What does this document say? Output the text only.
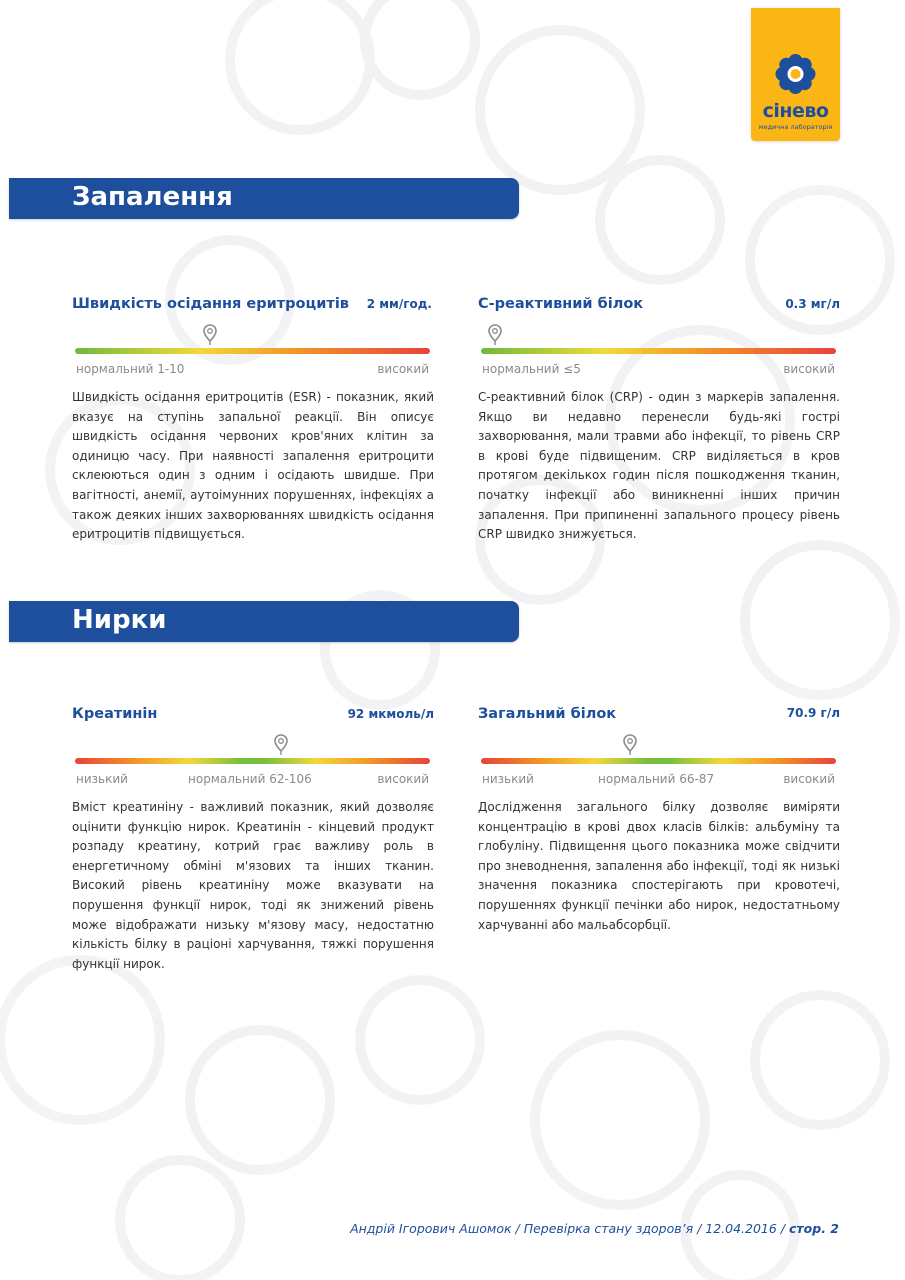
сінево
медична лабораторія
Запалення
Швидкість осідання еритроцитів 2 мм/год.
нормальний 1-10	високий

Швидкість осідання еритроцитів (ESR) - показник, який вказує на ступінь запальної реакції. Він описує швидкість осідання червоних кров'яних клітин за одиницю часу. При наявності запалення еритроцити склеюються один з одним і осідають швидше. При вагітності, анемії, аутоімунних порушеннях, інфекціях а також деяких інших захворюваннях швидкість осідання еритроцитів підвищується.

С-реактивний білок	0.3 мг/л
нормальний ≤5	високий

С-реактивний білок (CRP) - один з маркерів запалення. Якщо ви недавно перенесли будь-які гострі захворювання, мали травми або інфекції, то рівень CRP в крові буде підвищеним. CRP виділяється в кров протягом декількох годин після пошкодження тканин, початку інфекції або виникненні інших причин запалення. При припиненні запального процесу рівень CRP швидко знижується.

Нирки
Креатинін	92 мкмоль/л
низький	нормальний 62-106	високий

Вміст креатиніну - важливий показник, який дозволяє оцінити функцію нирок. Креатинін - кінцевий продукт розпаду креатину, котрий грає важливу роль в енергетичному обміні м'язових та інших тканин. Високий рівень креатиніну може вказувати на порушення функції нирок, тоді як знижений рівень може відображати низьку м'язову масу, недостатню кількість білку в раціоні харчування, тяжкі порушення функції нирок.

Загальний білок	70.9 г/л
низький	нормальний 66-87	високий

Дослідження загального білку дозволяє виміряти концентрацію в крові двох класів білків: альбуміну та глобуліну. Підвищення цього показника може свідчити про зневоднення, запалення або інфекції, тоді як низькі значення показника спостерігають при кровотечі, порушеннях функції печінки або нирок, недостатньому харчуванні або мальабсорбції.

Андрій Ігорович Ашомок / Перевірка стану здоров’я / 12.04.2016 / стор. 2
